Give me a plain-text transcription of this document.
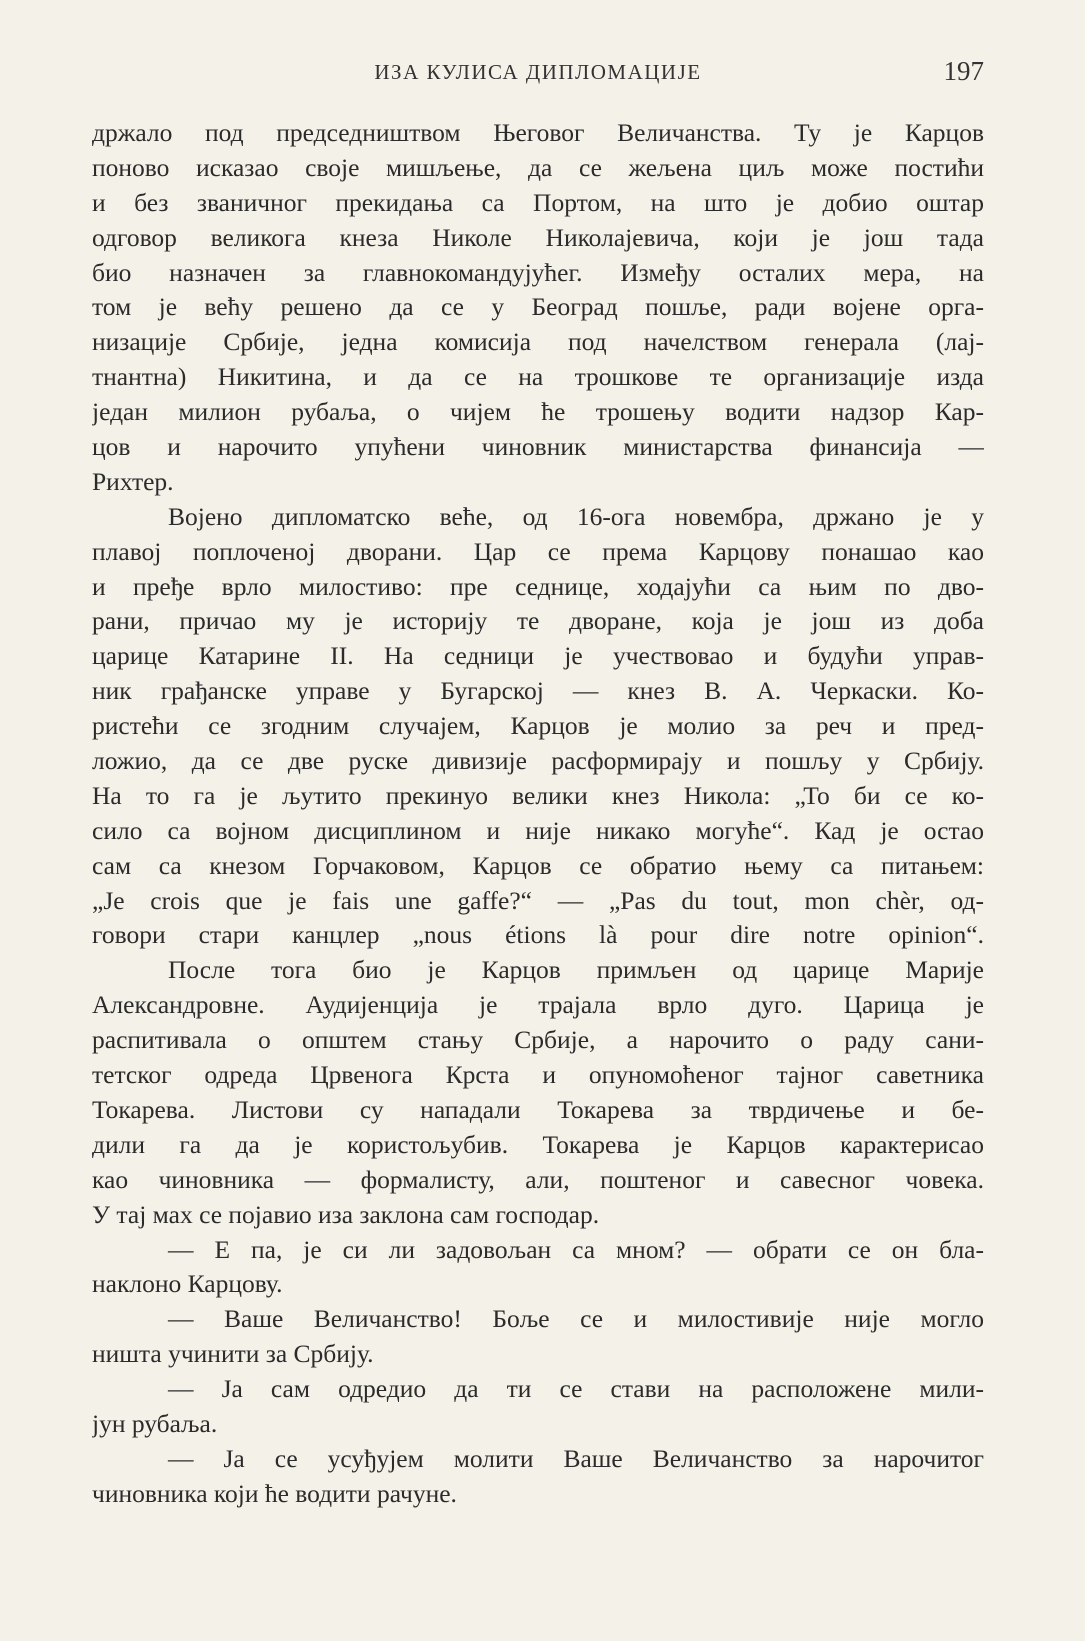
ИЗА КУЛИСА ДИПЛОМАЦИЈЕ	197
држало под председништвом Његовог Величанства. Ту је Карцов
поново исказао своје мишљење, да се жељена циљ може постићи
и без званичног прекидања са Портом, на што је добио оштар
одговор великога кнеза Николе Николајевича, који је још тада
био назначен за главнокомандујућег. Између осталих мера, на
том је већу решено да се у Београд пошље, ради војене орга-
низације Србије, једна комисија под начелством генерала (лај-
тнантна) Никитина, и да се на трошкове те организације изда
један милион рубаља, о чијем ће трошењу водити надзор Кар-
цов и нарочито упућени чиновник министарства финансија —
Рихтер.
Војено дипломатско веће, од 16-ога новембра, држано је у
плавој поплоченој дворани. Цар се према Карцову понашао као
и пређе врло милостиво: пре седнице, ходајући са њим по дво-
рани, причао му је историју те дворане, која је још из доба
царице Катарине II. На седници је учествовао и будући управ-
ник грађанске управе у Бугарској — кнез В. А. Черкаски. Ко-
ристећи се згодним случајем, Карцов је молио за реч и пред-
ложио, да се две руске дивизије расформирају и пошљу у Србију.
На то га је љутито прекинуо велики кнез Никола: „То би се ко-
сило са војном дисциплином и није никако могуће“. Кад је остао
сам са кнезом Горчаковом, Карцов се обратио њему са питањем:
„Je crois que je fais une gaffe?“ — „Pas du tout, mon chèr, од-
говори стари канцлер „nous étions là pour dire notre opinion“.
После тога био је Карцов примљен од царице Марије
Александровне. Аудијенција је трајала врло дуго. Царица је
распитивала о општем стању Србије, а нарочито о раду сани-
тетског одреда Црвенога Крста и опуномоћеног тајног саветника
Токарева. Листови су нападали Токарева за тврдичење и бе-
дили га да је користољубив. Токарева је Карцов карактерисао
као чиновника — формалисту, али, поштеног и савесног човека.
У тај мах се појавио иза заклона сам господар.
— Е па, је си ли задовољан са мном? — обрати се он бла-
наклоно Карцову.
— Ваше Величанство! Боље се и милостивије није могло
ништа учинити за Србију.
— Ја сам одредио да ти се стави на расположене мили-
јун рубаља.
— Ја се усуђујем молити Ваше Величанство за нарочитог
чиновника који ће водити рачуне.
